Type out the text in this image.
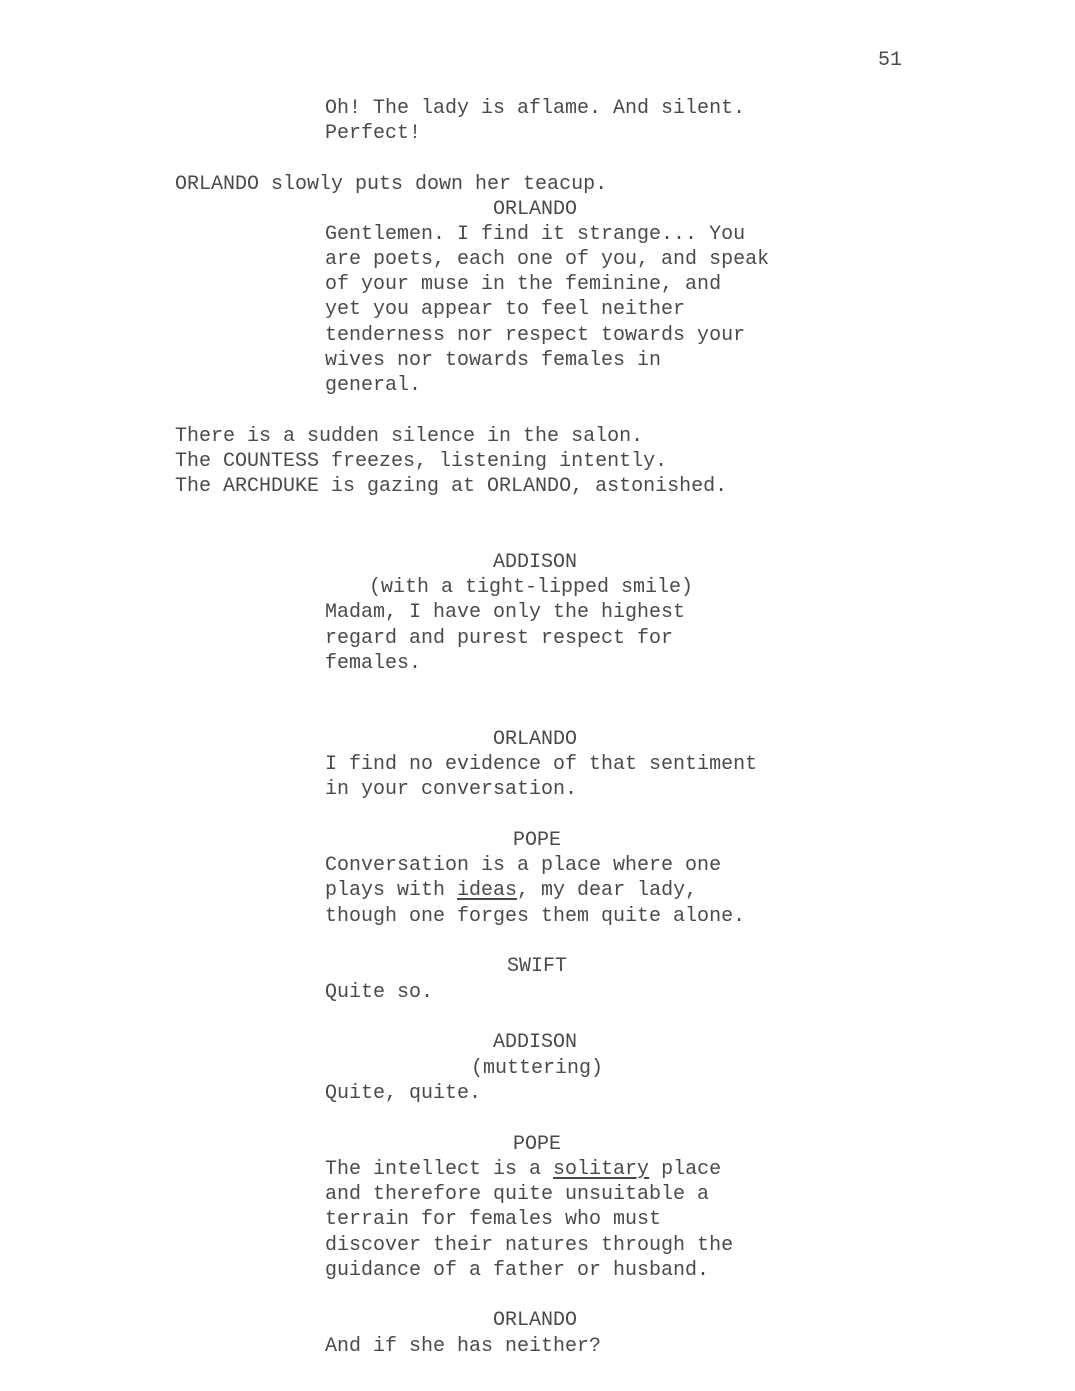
51
Oh! The lady is aflame. And silent.
Perfect!
ORLANDO slowly puts down her teacup.
ORLANDO
Gentlemen. I find it strange... You
are poets, each one of you, and speak
of your muse in the feminine, and
yet you appear to feel neither
tenderness nor respect towards your
wives nor towards females in
general.
There is a sudden silence in the salon.
The COUNTESS freezes, listening intently.
The ARCHDUKE is gazing at ORLANDO, astonished.
ADDISON
(with a tight-lipped smile)
Madam, I have only the highest
regard and purest respect for
females.
ORLANDO
I find no evidence of that sentiment
in your conversation.
POPE
Conversation is a place where one
plays with ideas, my dear lady,
though one forges them quite alone.
SWIFT
Quite so.
ADDISON
(muttering)
Quite, quite.
POPE
The intellect is a solitary place
and therefore quite unsuitable a
terrain for females who must
discover their natures through the
guidance of a father or husband.
ORLANDO
And if she has neither?
